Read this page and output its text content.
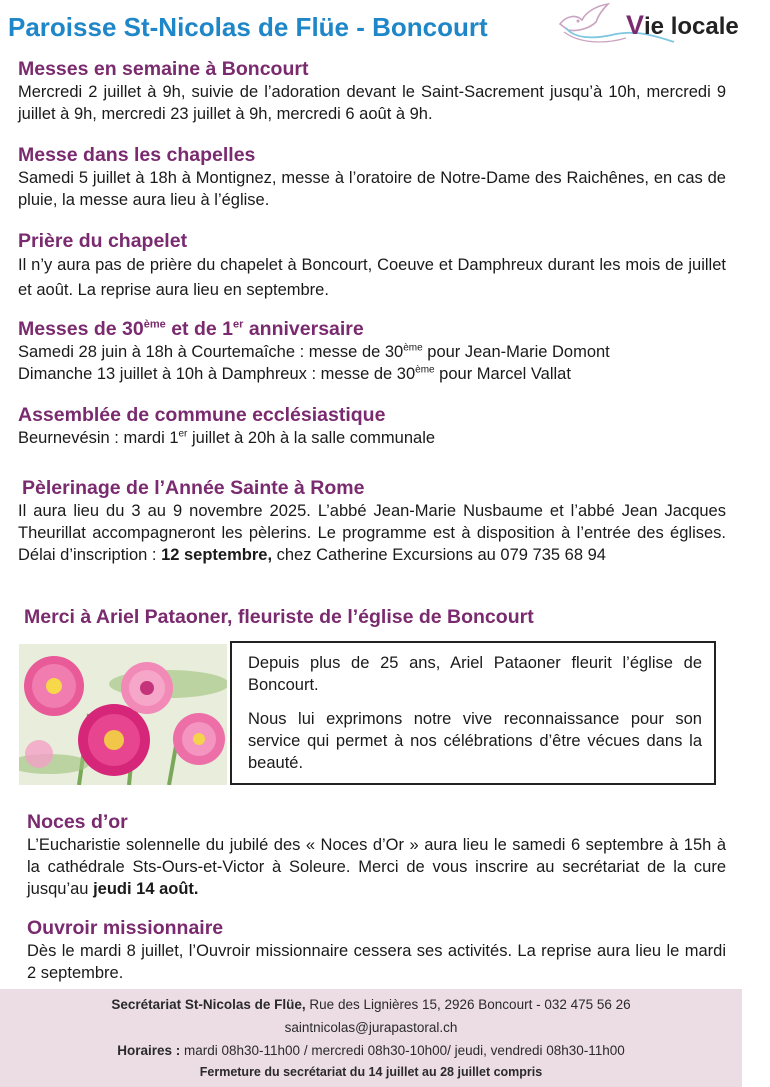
Paroisse St-Nicolas de Flüe - Boncourt	Vie locale
Messes en semaine à Boncourt
Mercredi 2 juillet à 9h, suivie de l’adoration devant le Saint-Sacrement jusqu’à 10h, mercredi 9 juillet à 9h, mercredi 23 juillet à 9h, mercredi 6 août à 9h.
Messe dans les chapelles
Samedi 5 juillet à 18h à Montignez, messe à l’oratoire de Notre-Dame des Raichênes, en cas de pluie, la messe aura lieu à l’église.
Prière du chapelet
Il n’y aura pas de prière du chapelet à Boncourt, Coeuve et Damphreux durant les mois de juillet et août. La reprise aura lieu en septembre.
Messes de 30ème et de 1er anniversaire
Samedi 28 juin à 18h à Courtemaîche : messe de 30ème pour Jean-Marie Domont
Dimanche 13 juillet à 10h à Damphreux : messe de 30ème pour Marcel Vallat
Assemblée de commune ecclésiastique
Beurnevésin : mardi 1er juillet à 20h à la salle communale
Pèlerinage de l’Année Sainte à Rome
Il aura lieu du 3 au 9 novembre 2025. L’abbé Jean-Marie Nusbaume et l’abbé Jean Jacques Theurillat accompagneront les pèlerins. Le programme est à disposition à l’entrée des églises. Délai d’inscription : 12 septembre, chez Catherine Excursions au 079 735 68 94
Merci à Ariel Pataoner, fleuriste de l’église de Boncourt

Depuis plus de 25 ans, Ariel Pataoner fleurit l’église de Boncourt.

Nous lui exprimons notre vive reconnaissance pour son service qui permet à nos célébrations d’être vécues dans la beauté.

Noces d’or
L’Eucharistie solennelle du jubilé des « Noces d’Or » aura lieu le samedi 6 septembre à 15h à la cathédrale Sts-Ours-et-Victor à Soleure. Merci de vous inscrire au secrétariat de la cure jusqu’au jeudi 14 août.
Ouvroir missionnaire
Dès le mardi 8 juillet, l’Ouvroir missionnaire cessera ses activités. La reprise aura lieu le mardi 2 septembre.
Secrétariat St-Nicolas de Flüe, Rue des Lignières 15, 2926 Boncourt - 032 475 56 26
saintnicolas@jurapastoral.ch
Horaires : mardi 08h30-11h00 / mercredi 08h30-10h00/ jeudi, vendredi 08h30-11h00
Fermeture du secrétariat du 14 juillet au 28 juillet compris
